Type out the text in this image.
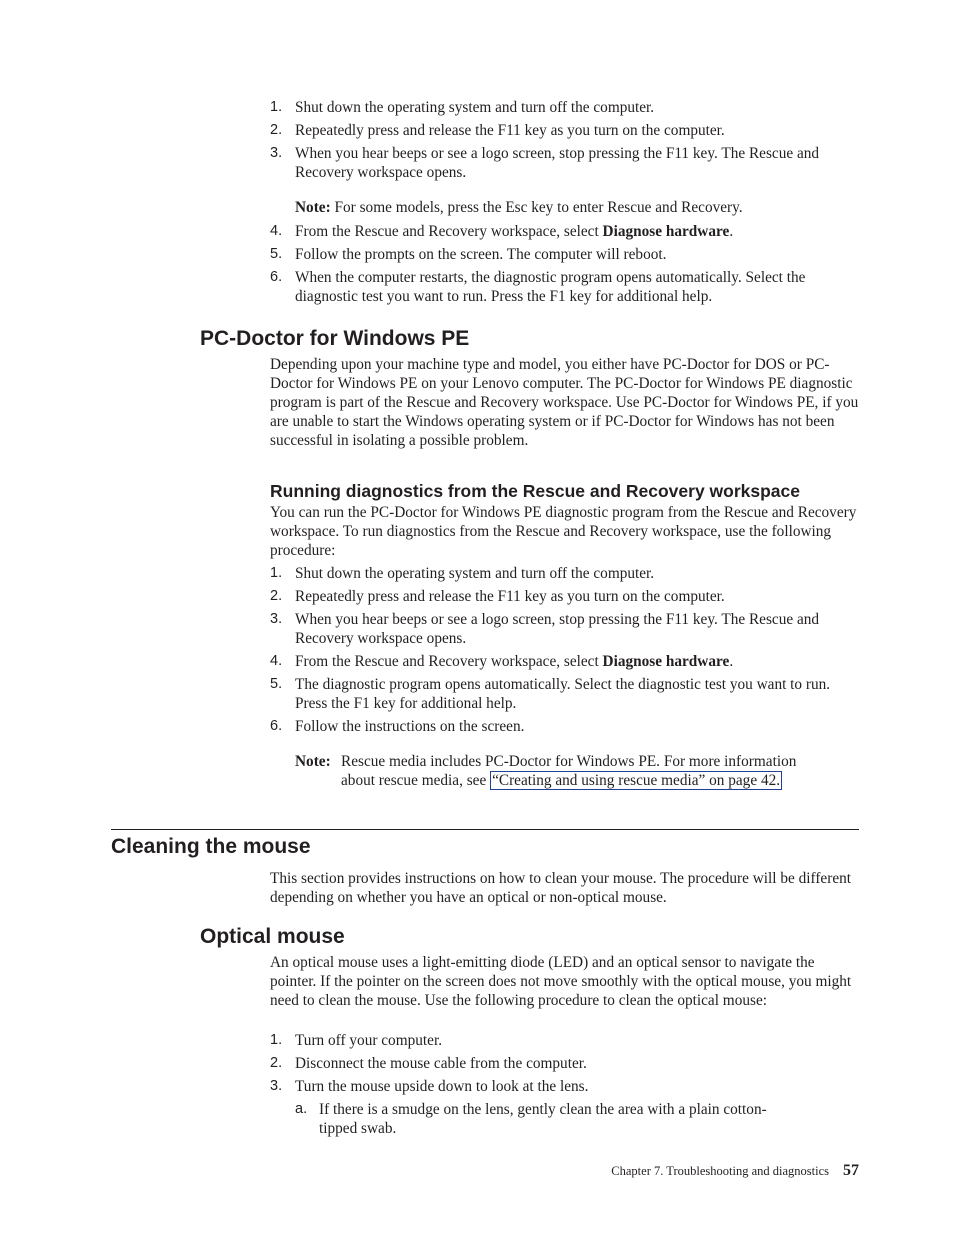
1. Shut down the operating system and turn off the computer.
2. Repeatedly press and release the F11 key as you turn on the computer.
3. When you hear beeps or see a logo screen, stop pressing the F11 key. The Rescue and Recovery workspace opens.
Note: For some models, press the Esc key to enter Rescue and Recovery.
4. From the Rescue and Recovery workspace, select Diagnose hardware.
5. Follow the prompts on the screen. The computer will reboot.
6. When the computer restarts, the diagnostic program opens automatically. Select the diagnostic test you want to run. Press the F1 key for additional help.
PC-Doctor for Windows PE
Depending upon your machine type and model, you either have PC-Doctor for DOS or PC-Doctor for Windows PE on your Lenovo computer. The PC-Doctor for Windows PE diagnostic program is part of the Rescue and Recovery workspace. Use PC-Doctor for Windows PE, if you are unable to start the Windows operating system or if PC-Doctor for Windows has not been successful in isolating a possible problem.
Running diagnostics from the Rescue and Recovery workspace
You can run the PC-Doctor for Windows PE diagnostic program from the Rescue and Recovery workspace. To run diagnostics from the Rescue and Recovery workspace, use the following procedure:
1. Shut down the operating system and turn off the computer.
2. Repeatedly press and release the F11 key as you turn on the computer.
3. When you hear beeps or see a logo screen, stop pressing the F11 key. The Rescue and Recovery workspace opens.
4. From the Rescue and Recovery workspace, select Diagnose hardware.
5. The diagnostic program opens automatically. Select the diagnostic test you want to run. Press the F1 key for additional help.
6. Follow the instructions on the screen.
Note: Rescue media includes PC-Doctor for Windows PE. For more information about rescue media, see “Creating and using rescue media” on page 42.
Cleaning the mouse
This section provides instructions on how to clean your mouse. The procedure will be different depending on whether you have an optical or non-optical mouse.
Optical mouse
An optical mouse uses a light-emitting diode (LED) and an optical sensor to navigate the pointer. If the pointer on the screen does not move smoothly with the optical mouse, you might need to clean the mouse. Use the following procedure to clean the optical mouse:
1. Turn off your computer.
2. Disconnect the mouse cable from the computer.
3. Turn the mouse upside down to look at the lens.
a. If there is a smudge on the lens, gently clean the area with a plain cotton-tipped swab.
Chapter 7. Troubleshooting and diagnostics 57
